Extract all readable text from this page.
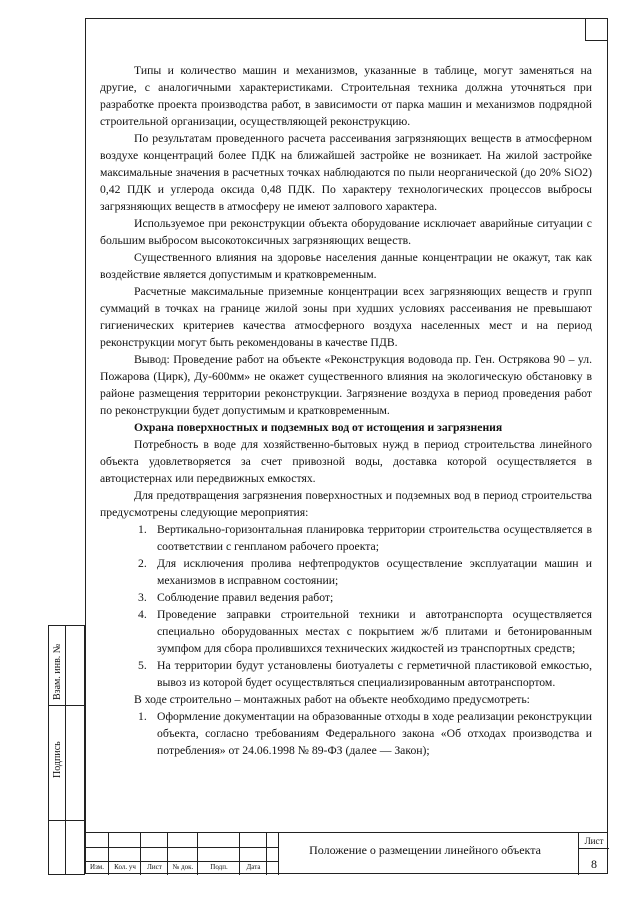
Типы и количество машин и механизмов, указанные в таблице, могут заменяться на другие, с аналогичными характеристиками. Строительная техника должна уточняться при разработке проекта производства работ, в зависимости от парка машин и механизмов подрядной строительной организации, осуществляющей реконструкцию.

По результатам проведенного расчета рассеивания загрязняющих веществ в атмосферном воздухе концентраций более ПДК на ближайшей застройке не возникает. На жилой застройке максимальные значения в расчетных точках наблюдаются по пыли неорганической (до 20% SiO2) 0,42 ПДК и углерода оксида 0,48 ПДК. По характеру технологических процессов выбросы загрязняющих веществ в атмосферу не имеют залпового характера.

Используемое при реконструкции объекта оборудование исключает аварийные ситуации с большим выбросом высокотоксичных загрязняющих веществ.

Существенного влияния на здоровье населения данные концентрации не окажут, так как воздействие является допустимым и кратковременным.

Расчетные максимальные приземные концентрации всех загрязняющих веществ и групп суммаций в точках на границе жилой зоны при худших условиях рассеивания не превышают гигиенических критериев качества атмосферного воздуха населенных мест и на период реконструкции могут быть рекомендованы в качестве ПДВ.

Вывод: Проведение работ на объекте «Реконструкция водовода пр. Ген. Острякова 90 – ул. Пожарова (Цирк), Ду-600мм» не окажет существенного влияния на экологическую обстановку в районе размещения территории реконструкции. Загрязнение воздуха в период проведения работ по реконструкции будет допустимым и кратковременным.

Охрана поверхностных и подземных вод от истощения и загрязнения

Потребность в воде для хозяйственно-бытовых нужд в период строительства линейного объекта удовлетворяется за счет привозной воды, доставка которой осуществляется в автоцистернах или передвижных емкостях.

Для предотвращения загрязнения поверхностных и подземных вод в период строительства предусмотрены следующие мероприятия:

1. Вертикально-горизонтальная планировка территории строительства осуществляется в соответствии с генпланом рабочего проекта;
2. Для исключения пролива нефтепродуктов осуществление эксплуатации машин и механизмов в исправном состоянии;
3. Соблюдение правил ведения работ;
4. Проведение заправки строительной техники и автотранспорта осуществляется специально оборудованных местах с покрытием ж/б плитами и бетонированным зумпфом для сбора пролившихся технических жидкостей из транспортных средств;
5. На территории будут установлены биотуалеты с герметичной пластиковой емкостью, вывоз из которой будет осуществляться специализированным автотранспортом.

В ходе строительно – монтажных работ на объекте необходимо предусмотреть:

1. Оформление документации на образованные отходы в ходе реализации реконструкции объекта, согласно требованиям Федерального закона «Об отходах производства и потребления» от 24.06.1998 № 89-ФЗ (далее — Закон);
Взам. инв. №
Подпись
Изм.	Кол. уч	Лист	№ док.	Подп.	Дата
Положение о размещении линейного объекта
Лист
8
